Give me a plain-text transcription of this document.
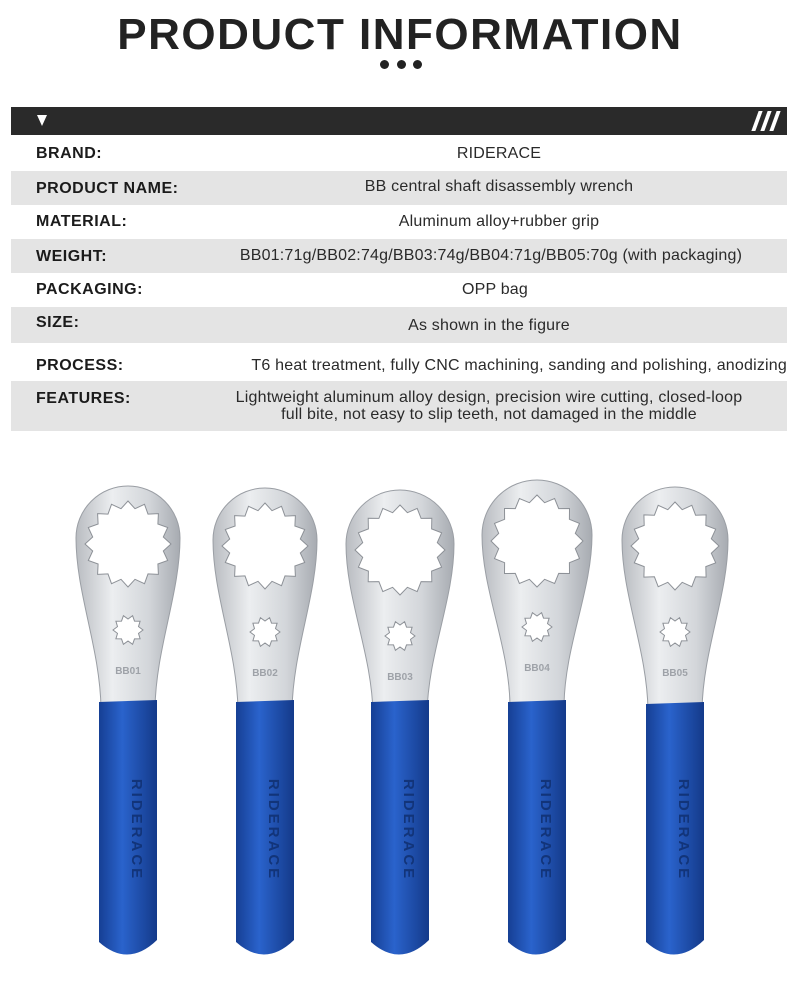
PRODUCT INFORMATION
BRAND:	RIDERACE
PRODUCT NAME:	BB central shaft disassembly wrench
MATERIAL:	Aluminum alloy+rubber grip
WEIGHT:	BB01:71g/BB02:74g/BB03:74g/BB04:71g/BB05:70g (with packaging)
PACKAGING:	OPP bag
SIZE:	As shown in the figure
PROCESS:	T6 heat treatment, fully CNC machining, sanding and polishing, anodizing
FEATURES:	Lightweight aluminum alloy design, precision wire cutting, closed-loop
full bite, not easy to slip teeth, not damaged in the middle
BB01
RIDERACE
BB02
RIDERACE
BB03
RIDERACE
BB04
RIDERACE
BB05
RIDERACE
